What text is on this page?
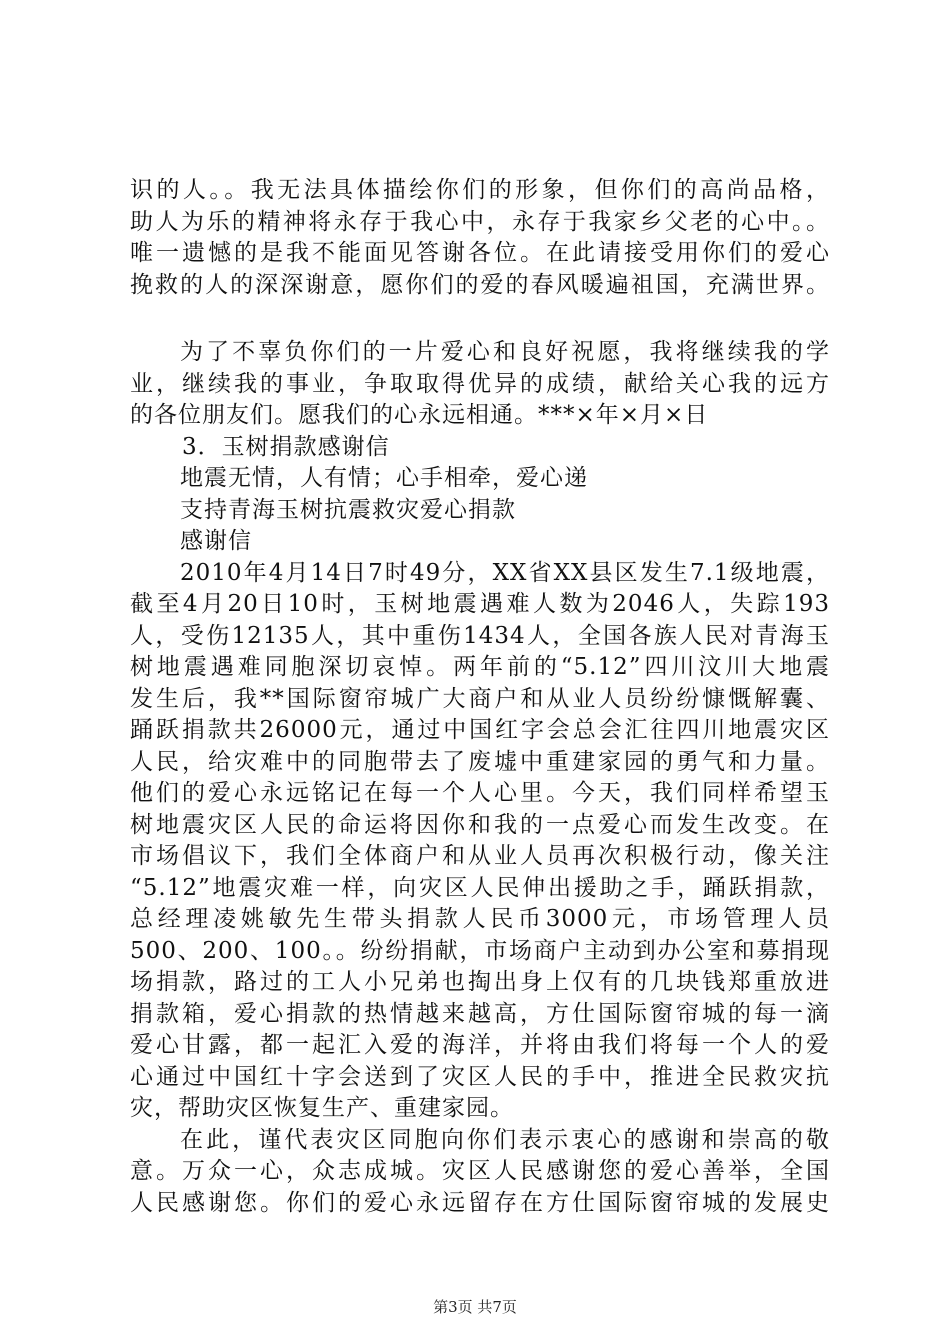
识的人。。我无法具体描绘你们的形象，但你们的高尚品格，
助人为乐的精神将永存于我心中，永存于我家乡父老的心中。。
唯一遗憾的是我不能面见答谢各位。在此请接受用你们的爱心
挽救的人的深深谢意，愿你们的爱的春风暖遍祖国，充满世界。
为了不辜负你们的一片爱心和良好祝愿，我将继续我的学
业，继续我的事业，争取取得优异的成绩，献给关心我的远方
的各位朋友们。愿我们的心永远相通。***×年×月×日
3．玉树捐款感谢信
地震无情，人有情；心手相牵，爱心递
支持青海玉树抗震救灾爱心捐款
感谢信
2010年4月14日7时49分，XX省XX县区发生7.1级地震，
截至4月20日10时，玉树地震遇难人数为2046人，失踪193
人，受伤12135人，其中重伤1434人，全国各族人民对青海玉
树地震遇难同胞深切哀悼。两年前的“5.12”四川汶川大地震
发生后，我**国际窗帘城广大商户和从业人员纷纷慷慨解囊、
踊跃捐款共26000元，通过中国红字会总会汇往四川地震灾区
人民，给灾难中的同胞带去了废墟中重建家园的勇气和力量。
他们的爱心永远铭记在每一个人心里。今天，我们同样希望玉
树地震灾区人民的命运将因你和我的一点爱心而发生改变。在
市场倡议下，我们全体商户和从业人员再次积极行动，像关注
“5.12”地震灾难一样，向灾区人民伸出援助之手，踊跃捐款，
总经理凌姚敏先生带头捐款人民币3000元，市场管理人员
500、200、100。。纷纷捐献，市场商户主动到办公室和募捐现
场捐款，路过的工人小兄弟也掏出身上仅有的几块钱郑重放进
捐款箱，爱心捐款的热情越来越高，方仕国际窗帘城的每一滴
爱心甘露，都一起汇入爱的海洋，并将由我们将每一个人的爱
心通过中国红十字会送到了灾区人民的手中，推进全民救灾抗
灾，帮助灾区恢复生产、重建家园。
在此，谨代表灾区同胞向你们表示衷心的感谢和崇高的敬
意。万众一心，众志成城。灾区人民感谢您的爱心善举，全国
人民感谢您。你们的爱心永远留存在方仕国际窗帘城的发展史
第3页 共7页
